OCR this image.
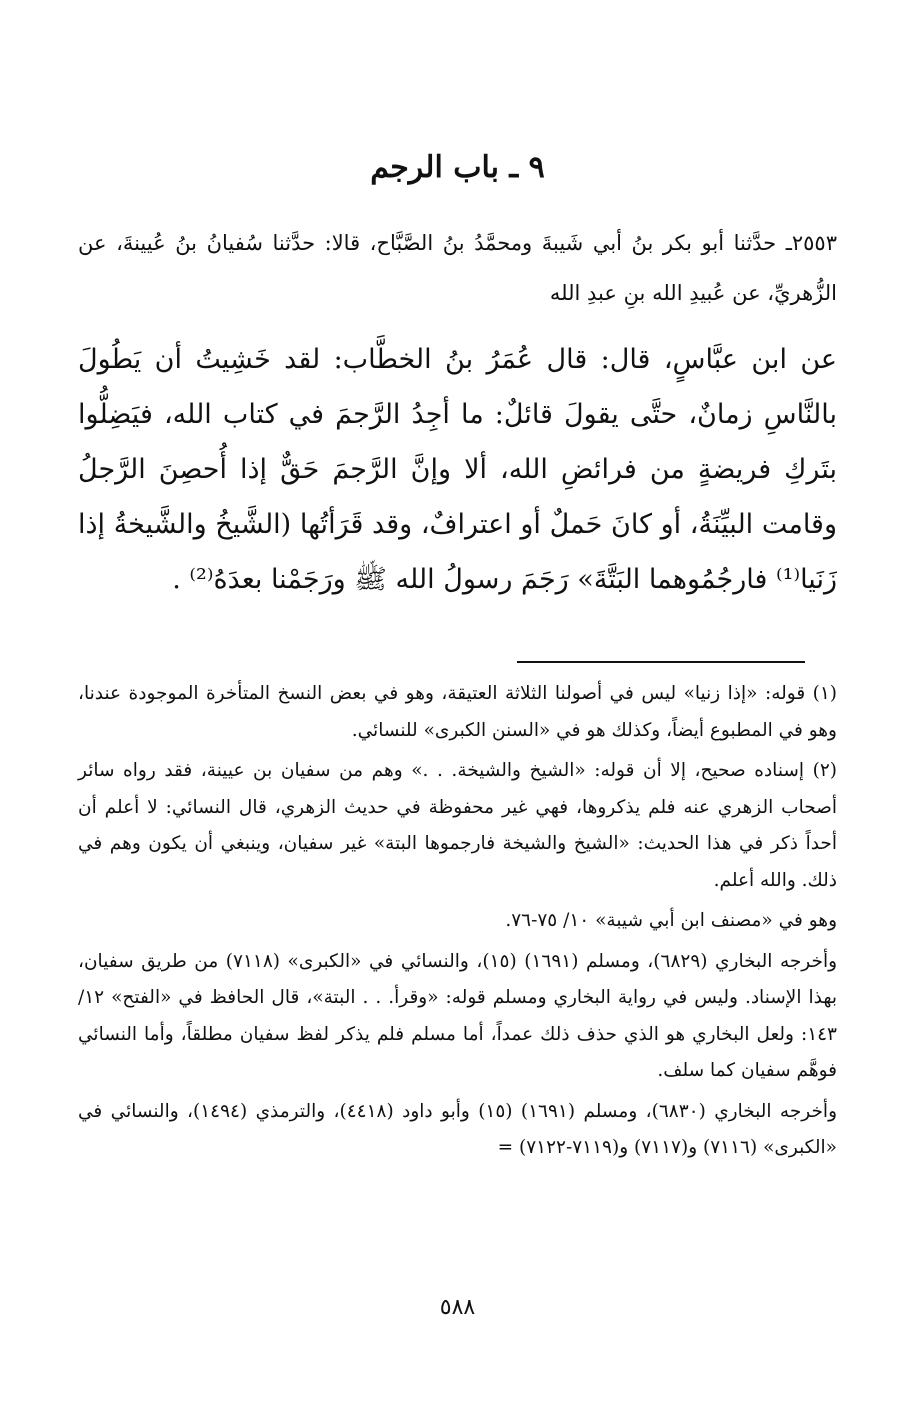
٩ ـ باب الرجم
٢٥٥٣ـ حدَّثنا أبو بكر بنُ أبي شَيبةَ ومحمَّدُ بنُ الصَّبَّاح، قالا: حدَّثنا سُفيانُ بنُ عُيينةَ، عن الزُّهريِّ، عن عُبيدِ الله بنِ عبدِ الله
عن ابن عبَّاسٍ، قال: قال عُمَرُ بنُ الخطَّاب: لقد خَشِيتُ أن يَطُولَ بالنَّاسِ زمانٌ، حتَّى يقولَ قائلٌ: ما أجِدُ الرَّجمَ في كتاب الله، فيَضِلُّوا بتَركِ فريضةٍ من فرائضِ الله، ألا وإنَّ الرَّجمَ حَقٌّ إذا أُحصِنَ الرَّجلُ وقامت البيِّنَةُ، أو كانَ حَملٌ أو اعترافٌ، وقد قَرَأتُها (الشَّيخُ والشَّيخةُ إذا زَنَيا⁽¹⁾ فارجُمُوهما البَتَّةَ» رَجَمَ رسولُ الله ﷺ ورَجَمْنا بعدَهُ⁽²⁾ .

(١) قوله: «إذا زنيا» ليس في أصولنا الثلاثة العتيقة، وهو في بعض النسخ المتأخرة الموجودة عندنا، وهو في المطبوع أيضاً، وكذلك هو في «السنن الكبرى» للنسائي.

(٢) إسناده صحيح، إلا أن قوله: «الشيخ والشيخة. . .» وهم من سفيان بن عيينة، فقد رواه سائر أصحاب الزهري عنه فلم يذكروها، فهي غير محفوظة في حديث الزهري، قال النسائي: لا أعلم أن أحداً ذكر في هذا الحديث: «الشيخ والشيخة فارجموها البتة» غير سفيان، وينبغي أن يكون وهم في ذلك. والله أعلم.

وهو في «مصنف ابن أبي شيبة» ١٠/ ٧٥-٧٦.

وأخرجه البخاري (٦٨٢٩)، ومسلم (١٦٩١) (١٥)، والنسائي في «الكبرى» (٧١١٨) من طريق سفيان، بهذا الإسناد. وليس في رواية البخاري ومسلم قوله: «وقرأ. . . البتة»، قال الحافظ في «الفتح» ١٢/ ١٤٣: ولعل البخاري هو الذي حذف ذلك عمداً، أما مسلم فلم يذكر لفظ سفيان مطلقاً، وأما النسائي فوهَّم سفيان كما سلف.

وأخرجه البخاري (٦٨٣٠)، ومسلم (١٦٩١) (١٥) وأبو داود (٤٤١٨)، والترمذي (١٤٩٤)، والنسائي في «الكبرى» (٧١١٦) و(٧١١٧) و(٧١١٩-٧١٢٢) =

٥٨٨
